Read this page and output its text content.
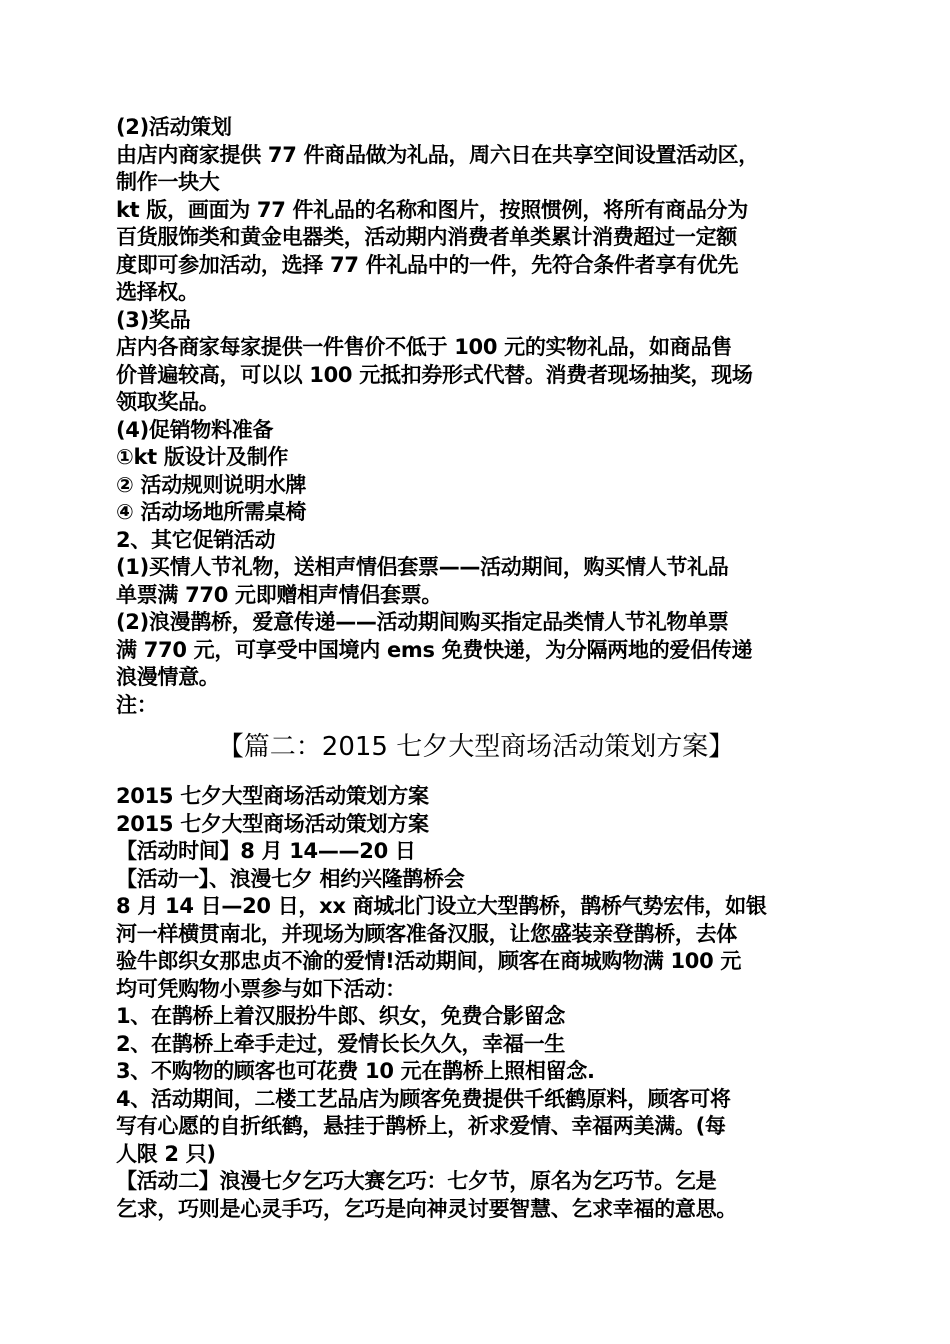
(2)活动策划
由店内商家提供 77 件商品做为礼品，周六日在共享空间设置活动区，
制作一块大
kt 版，画面为 77 件礼品的名称和图片，按照惯例，将所有商品分为
百货服饰类和黄金电器类，活动期内消费者单类累计消费超过一定额
度即可参加活动，选择 77 件礼品中的一件，先符合条件者享有优先
选择权。
(3)奖品
店内各商家每家提供一件售价不低于 100 元的实物礼品，如商品售
价普遍较高，可以以 100 元抵扣券形式代替。消费者现场抽奖，现场
领取奖品。
(4)促销物料准备
①kt 版设计及制作
② 活动规则说明水牌
④ 活动场地所需桌椅
2、其它促销活动
(1)买情人节礼物，送相声情侣套票——活动期间，购买情人节礼品
单票满 770 元即赠相声情侣套票。
(2)浪漫鹊桥，爱意传递——活动期间购买指定品类情人节礼物单票
满 770 元，可享受中国境内 ems 免费快递，为分隔两地的爱侣传递
浪漫情意。
注：
【篇二：2015 七夕大型商场活动策划方案】
2015 七夕大型商场活动策划方案
2015 七夕大型商场活动策划方案
【活动时间】8 月 14——20 日
【活动一】、浪漫七夕 相约兴隆鹊桥会
8 月 14 日—20 日，xx 商城北门设立大型鹊桥，鹊桥气势宏伟，如银
河一样横贯南北，并现场为顾客准备汉服，让您盛装亲登鹊桥，去体
验牛郎织女那忠贞不渝的爱情!活动期间，顾客在商城购物满 100 元
均可凭购物小票参与如下活动：
1、在鹊桥上着汉服扮牛郎、织女，免费合影留念
2、在鹊桥上牵手走过，爱情长长久久，幸福一生
3、不购物的顾客也可花费 10 元在鹊桥上照相留念.
4、活动期间，二楼工艺品店为顾客免费提供千纸鹤原料，顾客可将
写有心愿的自折纸鹤，悬挂于鹊桥上，祈求爱情、幸福两美满。(每
人限 2 只)
【活动二】浪漫七夕乞巧大赛乞巧：七夕节，原名为乞巧节。乞是
乞求，巧则是心灵手巧，乞巧是向神灵讨要智慧、乞求幸福的意思。
